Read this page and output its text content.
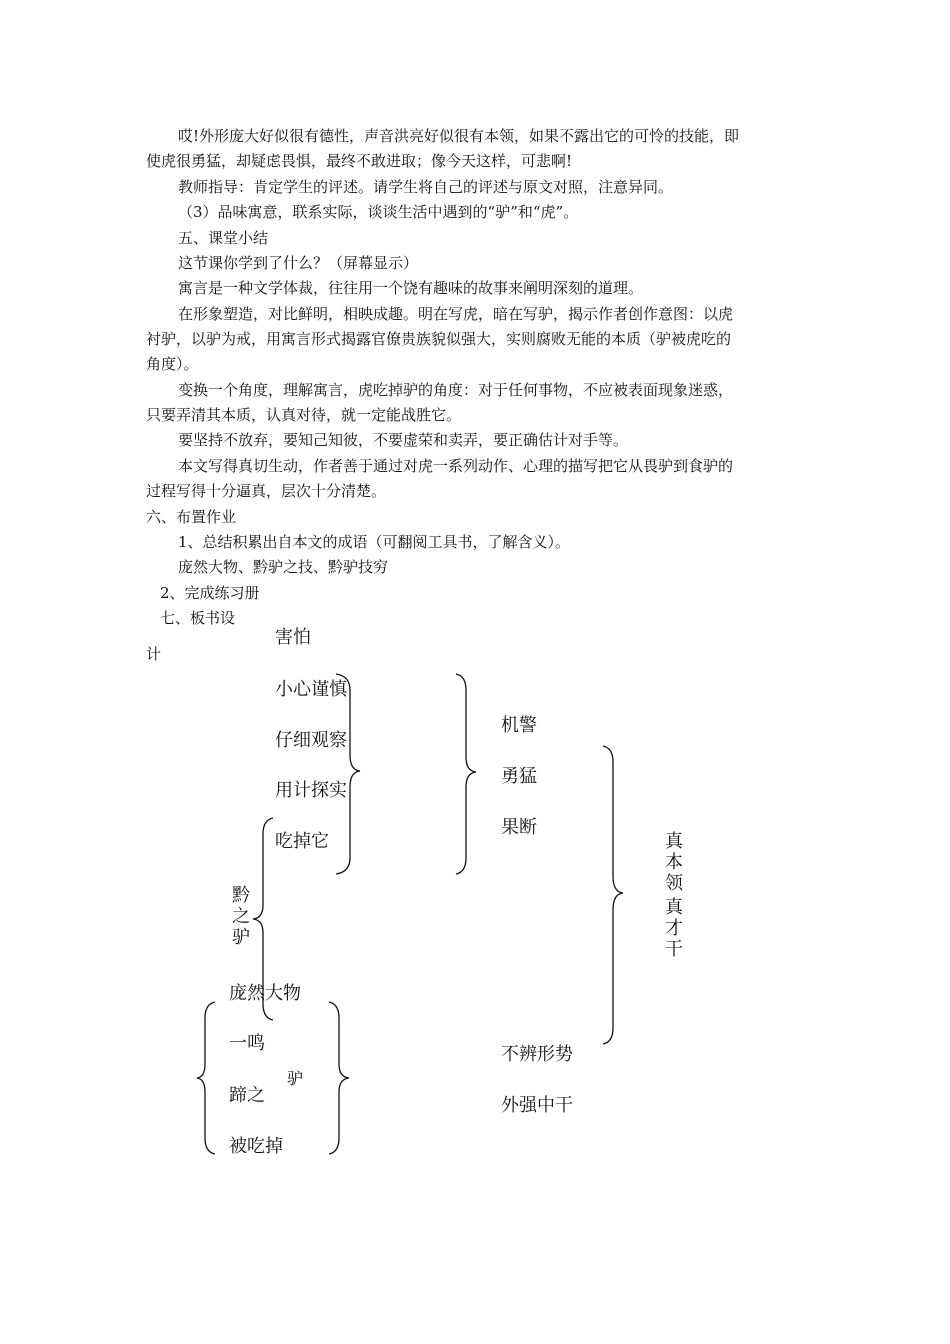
哎!外形庞大好似很有德性，声音洪亮好似很有本领，如果不露出它的可怜的技能，即
使虎很勇猛，却疑虑畏惧，最终不敢进取；像今天这样，可悲啊!
教师指导：肯定学生的评述。请学生将自己的评述与原文对照，注意异同。
（3）品味寓意，联系实际，谈谈生活中遇到的“驴”和“虎”。
五、课堂小结
这节课你学到了什么？（屏幕显示）
寓言是一种文学体裁，往往用一个饶有趣味的故事来阐明深刻的道理。
在形象塑造，对比鲜明，相映成趣。明在写虎，暗在写驴，揭示作者创作意图：以虎
衬驴，以驴为戒，用寓言形式揭露官僚贵族貌似强大，实则腐败无能的本质（驴被虎吃的
角度）。
变换一个角度，理解寓言，虎吃掉驴的角度：对于任何事物，不应被表面现象迷惑，
只要弄清其本质，认真对待，就一定能战胜它。
要坚持不放弃，要知己知彼，不要虚荣和卖弄，要正确估计对手等。
本文写得真切生动，作者善于通过对虎一系列动作、心理的描写把它从畏驴到食驴的
过程写得十分逼真，层次十分清楚。
六、布置作业
1、总结积累出自本文的成语（可翻阅工具书，了解含义）。
庞然大物、黔驴之技、黔驴技穷
2、完成练习册
七、板书设
计
害怕
小心谨慎
仔细观察
用计探实
吃掉它
机警
勇猛
果断
黔
之
驴
庞然大物
一鸣
蹄之
被吃掉
驴
不辨形势
外强中干
真
本
领
真
才
干
